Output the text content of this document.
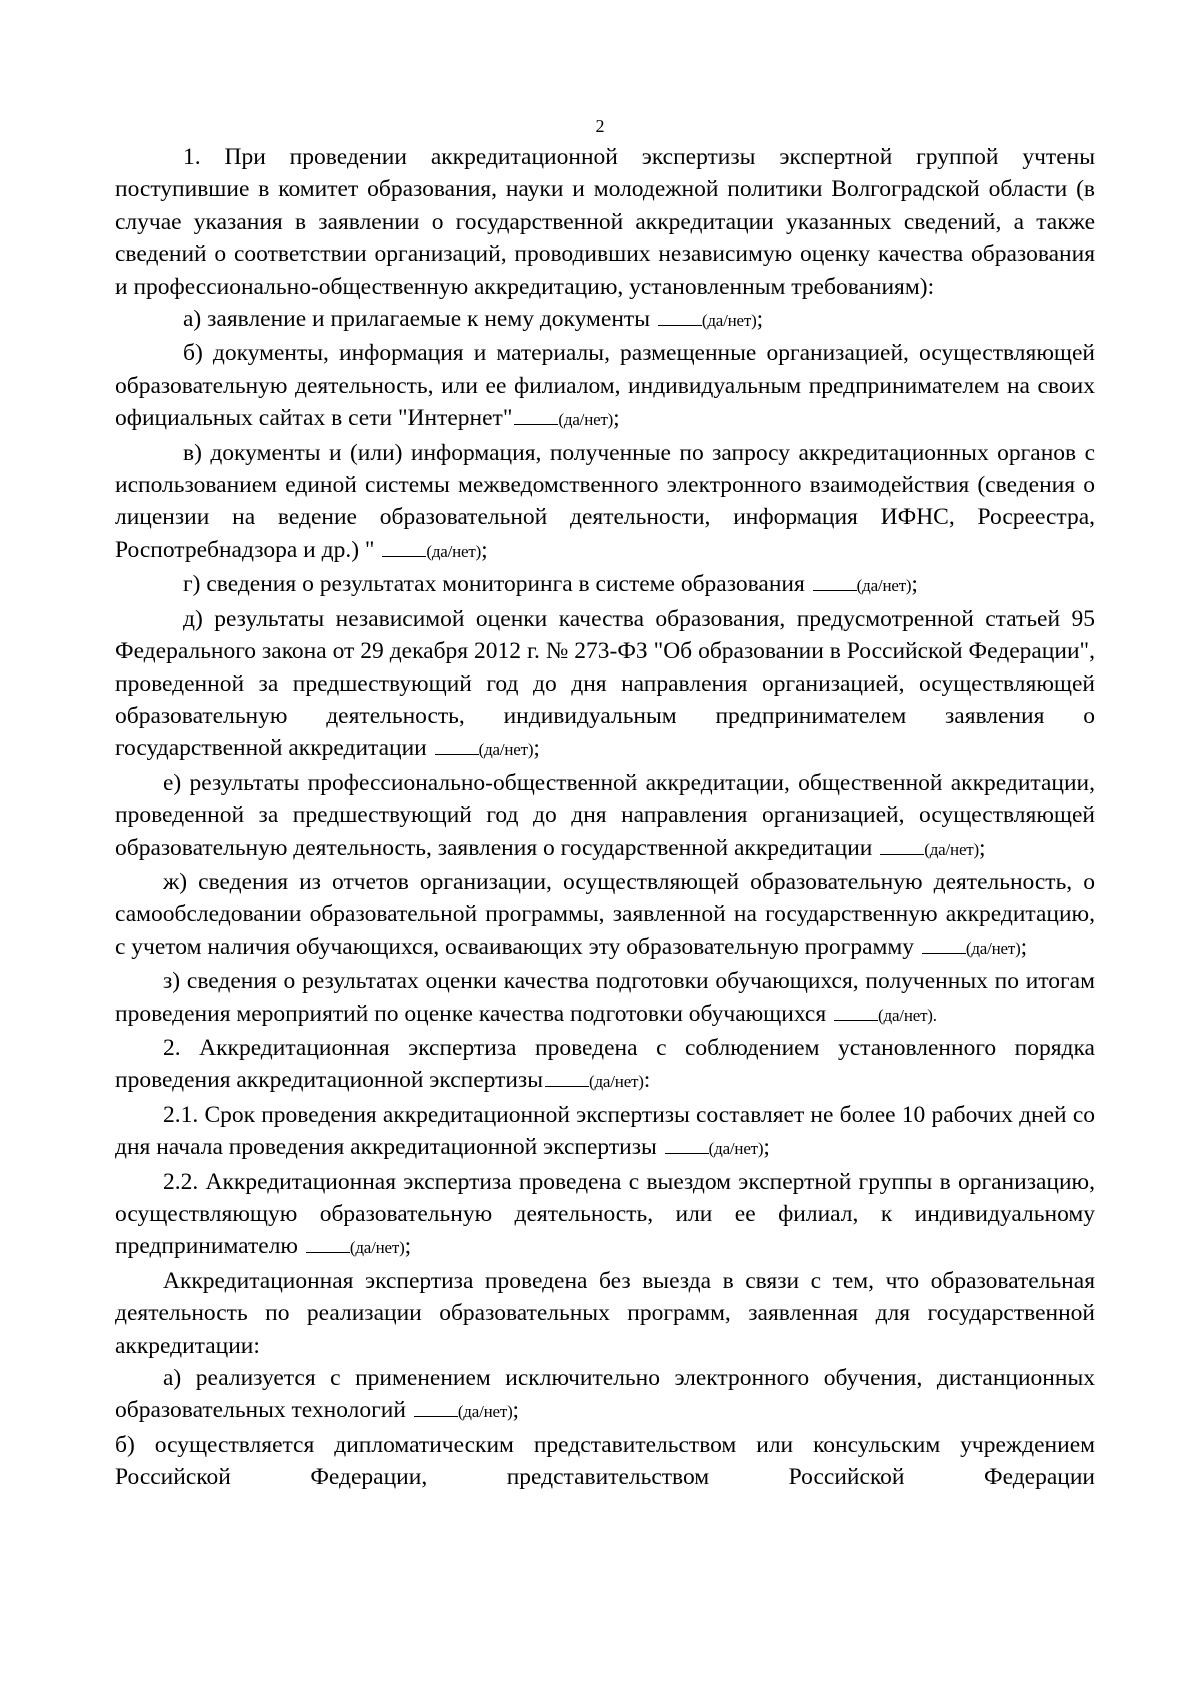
2

1. При проведении аккредитационной экспертизы экспертной группой учтены поступившие в комитет образования, науки и молодежной политики Волгоградской области (в случае указания в заявлении о государственной аккредитации указанных сведений, а также сведений о соответствии организаций, проводивших независимую оценку качества образования и профессионально-общественную аккредитацию, установленным требованиям):

а) заявление и прилагаемые к нему документы	(да/нет);

б) документы, информация и материалы, размещенные организацией, осуществляющей образовательную деятельность, или ее филиалом, индивидуальным предпринимателем на своих официальных сайтах в сети "Интернет"	(да/нет);

в) документы и (или) информация, полученные по запросу аккредитационных органов с использованием единой системы межведомственного электронного взаимодействия (сведения о лицензии на ведение образовательной деятельности, информация ИФНС, Росреестра, Роспотребнадзора и др.) "	(да/нет);

г) сведения о результатах мониторинга в системе образования	(да/нет);

д) результаты независимой оценки качества образования, предусмотренной статьей 95 Федерального закона от 29 декабря 2012 г. № 273-ФЗ "Об образовании в Российской Федерации", проведенной за предшествующий год до дня направления организацией, осуществляющей образовательную деятельность, индивидуальным предпринимателем заявления о государственной аккредитации	(да/нет);

е) результаты профессионально-общественной аккредитации, общественной аккредитации, проведенной за предшествующий год до дня направления организацией, осуществляющей образовательную деятельность, заявления о государственной аккредитации	(да/нет);

ж) сведения из отчетов организации, осуществляющей образовательную деятельность, о самообследовании образовательной программы, заявленной на государственную аккредитацию, с учетом наличия обучающихся, осваивающих эту образовательную программу	(да/нет);

з) сведения о результатах оценки качества подготовки обучающихся, полученных по итогам проведения мероприятий по оценке качества подготовки обучающихся	(да/нет).

2. Аккредитационная экспертиза проведена с соблюдением установленного порядка проведения аккредитационной экспертизы	(да/нет):

2.1. Срок проведения аккредитационной экспертизы составляет не более 10 рабочих дней со дня начала проведения аккредитационной экспертизы	(да/нет);

2.2. Аккредитационная экспертиза проведена с выездом экспертной группы в организацию, осуществляющую образовательную деятельность, или ее филиал, к индивидуальному предпринимателю	(да/нет);

Аккредитационная экспертиза проведена без выезда в связи с тем, что образовательная деятельность по реализации образовательных программ, заявленная для государственной аккредитации:

а) реализуется с применением исключительно электронного обучения, дистанционных образовательных технологий	(да/нет);

б) осуществляется дипломатическим представительством или консульским учреждением Российской Федерации, представительством Российской Федерации
